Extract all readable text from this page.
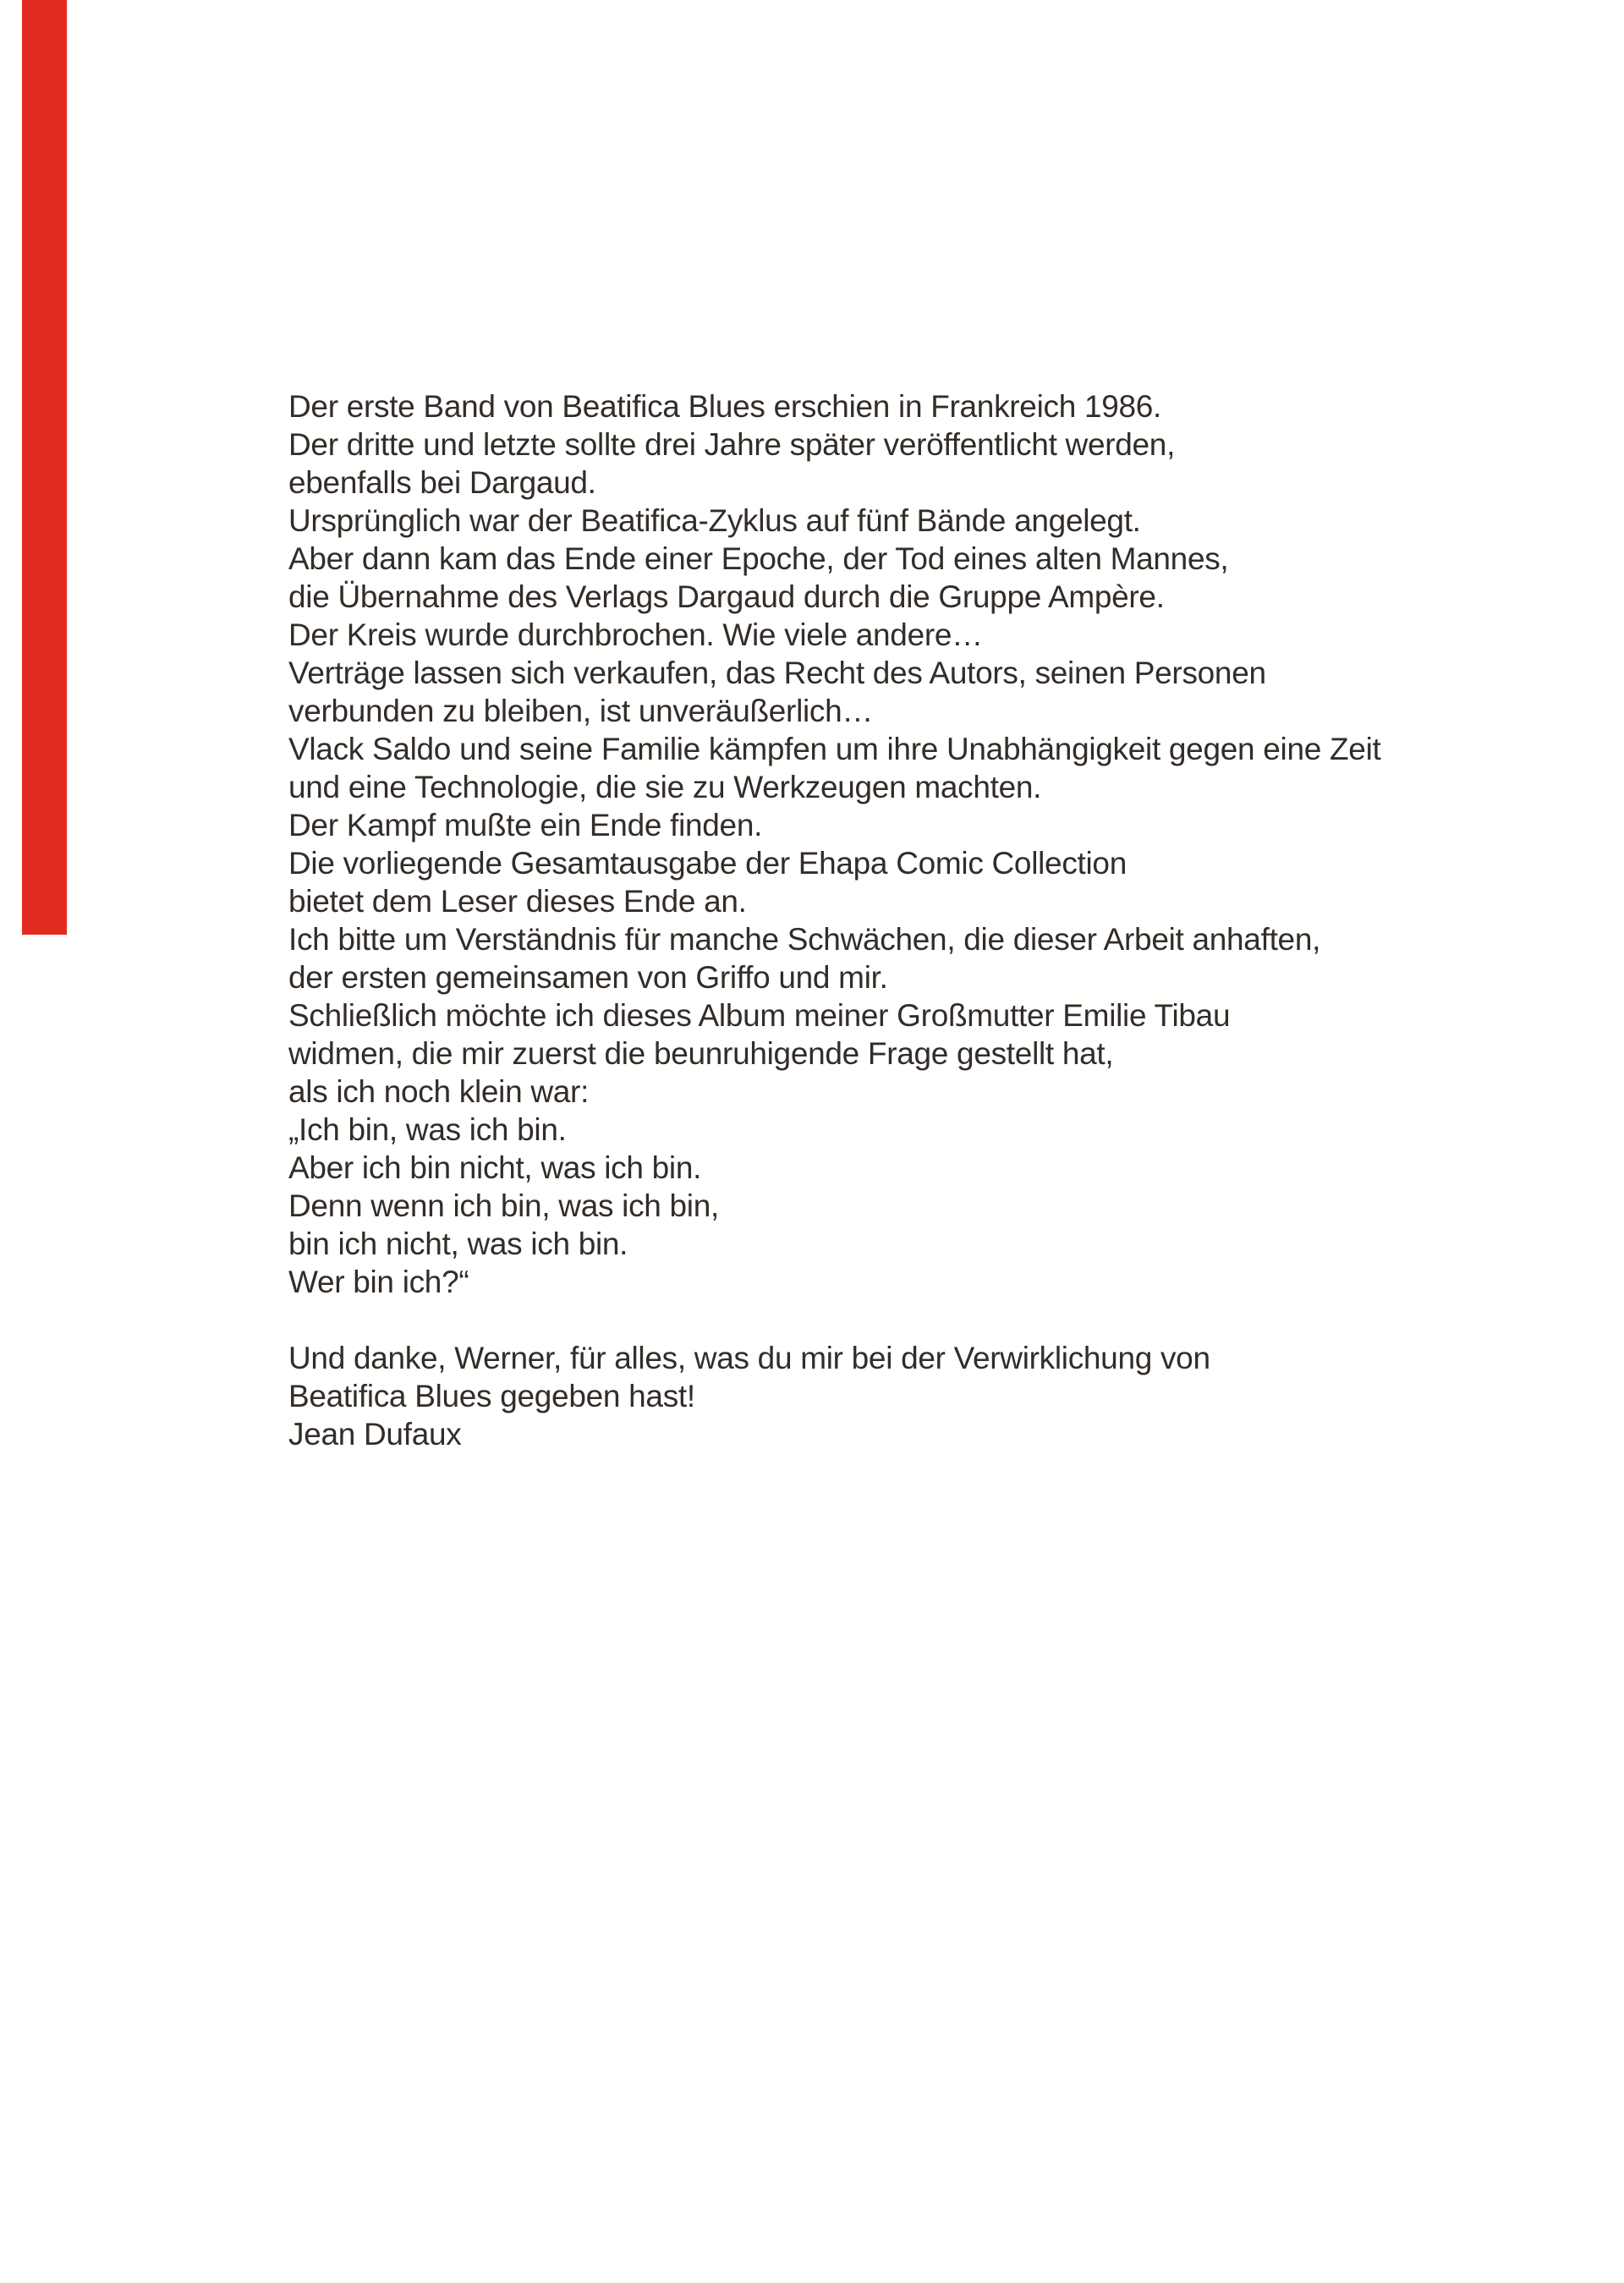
Der erste Band von Beatifica Blues erschien in Frankreich 1986.
Der dritte und letzte sollte drei Jahre später veröffentlicht werden,
ebenfalls bei Dargaud.
Ursprünglich war der Beatifica-Zyklus auf fünf Bände angelegt.
Aber dann kam das Ende einer Epoche, der Tod eines alten Mannes,
die Übernahme des Verlags Dargaud durch die Gruppe Ampère.
Der Kreis wurde durchbrochen. Wie viele andere…
Verträge lassen sich verkaufen, das Recht des Autors, seinen Personen
verbunden zu bleiben, ist unveräußerlich…
Vlack Saldo und seine Familie kämpfen um ihre Unabhängigkeit gegen eine Zeit
und eine Technologie, die sie zu Werkzeugen machten.
Der Kampf mußte ein Ende finden.
Die vorliegende Gesamtausgabe der Ehapa Comic Collection
bietet dem Leser dieses Ende an.
Ich bitte um Verständnis für manche Schwächen, die dieser Arbeit anhaften,
der ersten gemeinsamen von Griffo und mir.
Schließlich möchte ich dieses Album meiner Großmutter Emilie Tibau
widmen, die mir zuerst die beunruhigende Frage gestellt hat,
als ich noch klein war:
„Ich bin, was ich bin.
Aber ich bin nicht, was ich bin.
Denn wenn ich bin, was ich bin,
bin ich nicht, was ich bin.
Wer bin ich?“
Und danke, Werner, für alles, was du mir bei der Verwirklichung von
Beatifica Blues gegeben hast!
Jean Dufaux
